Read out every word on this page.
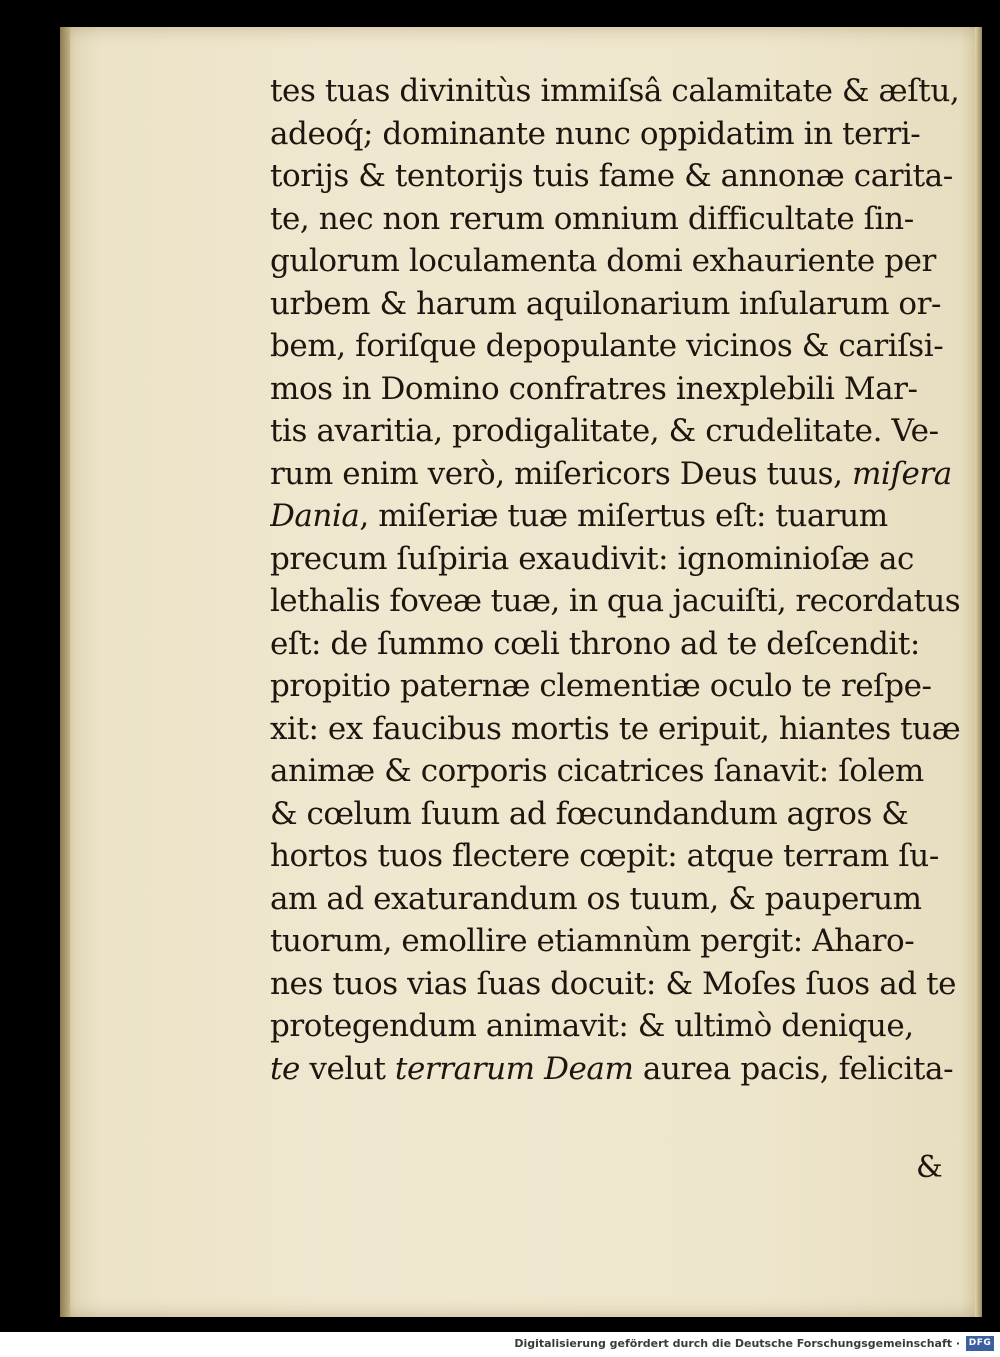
tes tuas divinitùs immiſsâ calamitate & æſtu,
adeoq́; dominante nunc oppidatim in terri-
torijs & tentorijs tuis fame & annonæ carita-
te, nec non rerum omnium difficultate ſin-
gulorum loculamenta domi exhauriente per
urbem & harum aquilonarium inſularum or-
bem, foriſque depopulante vicinos & cariſsi-
mos in Domino confratres inexplebili Mar-
tis avaritia, prodigalitate, & crudelitate. Ve-
rum enim verò, miſericors Deus tuus, miſera
Dania, miſeriæ tuæ miſertus eſt: tuarum
precum ſuſpiria exaudivit: ignominioſæ ac
lethalis foveæ tuæ, in qua jacuiſti, recordatus
eſt: de ſummo cœli throno ad te deſcendit:
propitio paternæ clementiæ oculo te reſpe-
xit: ex faucibus mortis te eripuit, hiantes tuæ
animæ & corporis cicatrices ſanavit: ſolem
& cœlum ſuum ad fœcundandum agros &
hortos tuos flectere cœpit: atque terram ſu-
am ad exaturandum os tuum, & pauperum
tuorum, emollire etiamnùm pergit: Aharo-
nes tuos vias ſuas docuit: & Moſes ſuos ad te
protegendum animavit: & ultimò denique,
te velut terrarum Deam aurea pacis, felicita-
&
Digitalisierung gefördert durch die Deutsche Forschungsgemeinschaft · DFG
